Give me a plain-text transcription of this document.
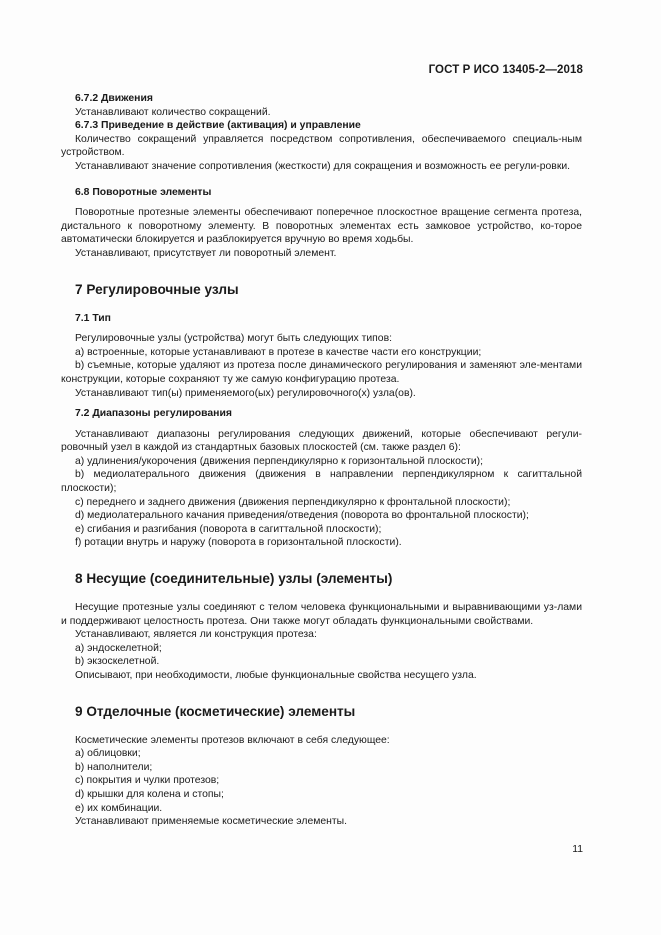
ГОСТ Р ИСО 13405-2—2018

6.7.2 Движения

Устанавливают количество сокращений.

6.7.3 Приведение в действие (активация) и управление

Количество сокращений управляется посредством сопротивления, обеспечиваемого специаль-ным устройством.

Устанавливают значение сопротивления (жесткости) для сокращения и возможность ее регули-ровки.

6.8 Поворотные элементы

Поворотные протезные элементы обеспечивают поперечное плоскостное вращение сегмента протеза, дистального к поворотному элементу. В поворотных элементах есть замковое устройство, ко-торое автоматически блокируется и разблокируется вручную во время ходьбы.

Устанавливают, присутствует ли поворотный элемент.

7 Регулировочные узлы

7.1 Тип

Регулировочные узлы (устройства) могут быть следующих типов:

а) встроенные, которые устанавливают в протезе в качестве части его конструкции;

b) съемные, которые удаляют из протеза после динамического регулирования и заменяют эле-ментами конструкции, которые сохраняют ту же самую конфигурацию протеза.

Устанавливают тип(ы) применяемого(ых) регулировочного(х) узла(ов).

7.2 Диапазоны регулирования

Устанавливают диапазоны регулирования следующих движений, которые обеспечивают регули-ровочный узел в каждой из стандартных базовых плоскостей (см. также раздел 6):

а) удлинения/укорочения (движения перпендикулярно к горизонтальной плоскости);

b) медиолатерального движения (движения в направлении перпендикулярном к сагиттальной плоскости);

с) переднего и заднего движения (движения перпендикулярно к фронтальной плоскости);

d) медиолатерального качания приведения/отведения (поворота во фронтальной плоскости);

е) сгибания и разгибания (поворота в сагиттальной плоскости);

f) ротации внутрь и наружу (поворота в горизонтальной плоскости).

8 Несущие (соединительные) узлы (элементы)

Несущие протезные узлы соединяют с телом человека функциональными и выравнивающими уз-лами и поддерживают целостность протеза. Они также могут обладать функциональными свойствами.

Устанавливают, является ли конструкция протеза:

а) эндоскелетной;

b) экзоскелетной.

Описывают, при необходимости, любые функциональные свойства несущего узла.

9 Отделочные (косметические) элементы

Косметические элементы протезов включают в себя следующее:

а) облицовки;

b) наполнители;

с) покрытия и чулки протезов;

d) крышки для колена и стопы;

е) их комбинации.

Устанавливают применяемые косметические элементы.

11
